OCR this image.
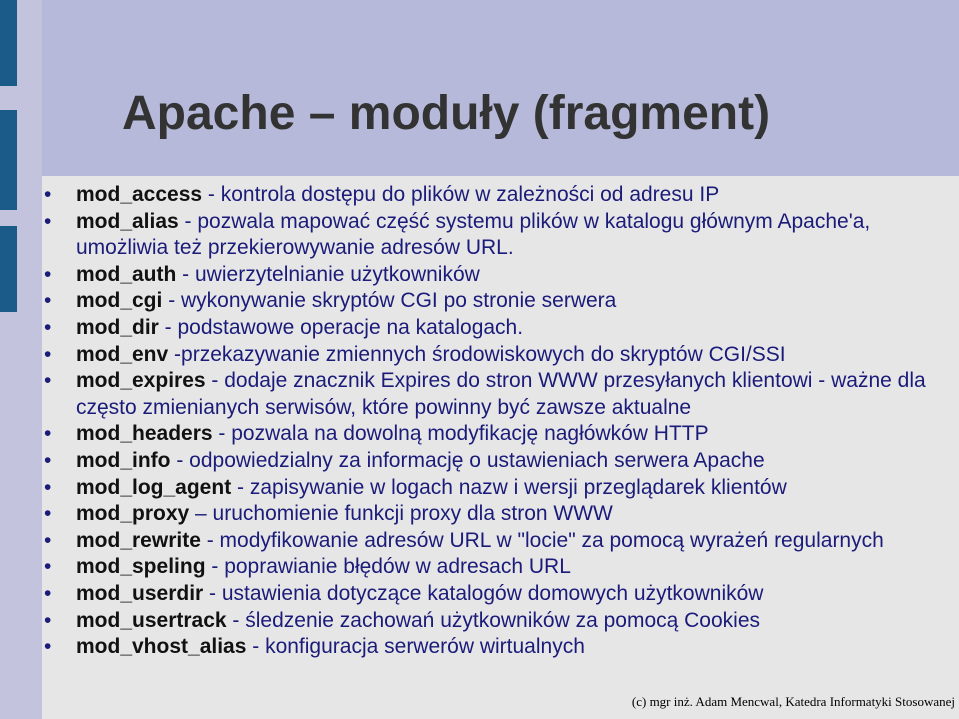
Apache – moduły (fragment)
• mod_access - kontrola dostępu do plików w zależności od adresu IP
• mod_alias - pozwala mapować część systemu plików w katalogu głównym Apache'a, umożliwia też przekierowywanie adresów URL.
• mod_auth - uwierzytelnianie użytkowników
• mod_cgi - wykonywanie skryptów CGI po stronie serwera
• mod_dir - podstawowe operacje na katalogach.
• mod_env -przekazywanie zmiennych środowiskowych do skryptów CGI/SSI
• mod_expires - dodaje znacznik Expires do stron WWW przesyłanych klientowi - ważne dla często zmienianych serwisów, które powinny być zawsze aktualne
• mod_headers - pozwala na dowolną modyfikację nagłówków HTTP
• mod_info - odpowiedzialny za informację o ustawieniach serwera Apache
• mod_log_agent - zapisywanie w logach nazw i wersji przeglądarek klientów
• mod_proxy – uruchomienie funkcji proxy dla stron WWW
• mod_rewrite - modyfikowanie adresów URL w "locie" za pomocą wyrażeń regularnych
• mod_speling - poprawianie błędów w adresach URL
• mod_userdir - ustawienia dotyczące katalogów domowych użytkowników
• mod_usertrack - śledzenie zachowań użytkowników za pomocą Cookies
• mod_vhost_alias - konfiguracja serwerów wirtualnych
(c) mgr inż. Adam Mencwal, Katedra Informatyki Stosowanej
